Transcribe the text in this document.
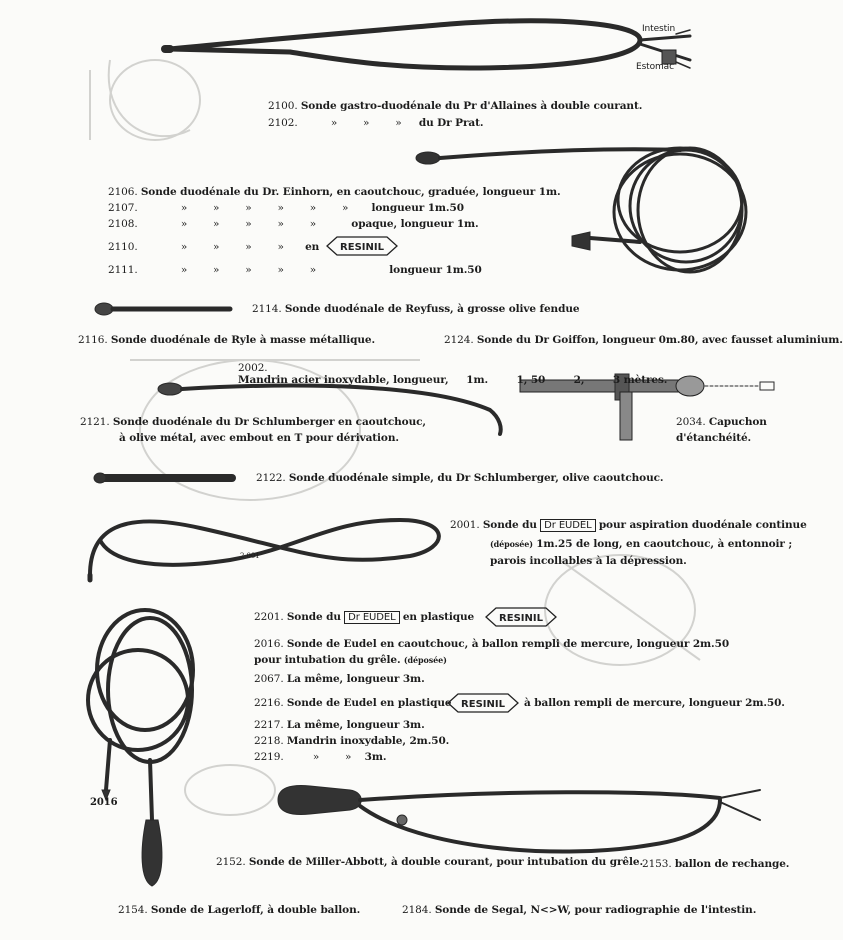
Intestin
Estomac
2100. Sonde gastro-duodénale du Pr d'Allaines à double courant.
2102.	»        »        » du Dr Prat.
2106. Sonde duodénale du Dr. Einhorn, en caoutchouc, graduée, longueur 1m.
2107.	»        »        »        »        »        » longueur 1m.50
2108.	»        »        »        »        »	opaque, longueur 1m.
2110.	»        »        »        » en RESINIL
2111.	»        »        »        »        »	longueur 1m.50
2114. Sonde duodénale de Reyfuss, à grosse olive fendue
2116. Sonde duodénale de Ryle à masse métallique.	2124. Sonde du Dr Goiffon, longueur 0m.80, avec fausset aluminium.

2002.
Mandrin acier inoxydable, longueur,     1m.        1, 50        2,        3 mètres.

2121. Sonde duodénale du Dr Schlumberger en caoutchouc,
à olive métal, avec embout en T pour dérivation.
2034. Capuchon
d'étanchéité.
2122. Sonde duodénale simple, du Dr Schlumberger, olive caoutchouc.
2001. Sonde du Dr EUDEL pour aspiration duodénale continue
(déposée) 1m.25 de long, en caoutchouc, à entonnoir ;
parois incollables à la dépression.
2 001
2201. Sonde du Dr EUDEL en plastique RESINIL
2016. Sonde de Eudel en caoutchouc, à ballon rempli de mercure, longueur 2m.50
pour intubation du grêle. (déposée)
2067. La même, longueur 3m.
2216. Sonde de Eudel en plastique RESINIL à ballon rempli de mercure, longueur 2m.50.
2217. La même, longueur 3m.
2218. Mandrin inoxydable, 2m.50.
2219.	»        » 3m.
2016
2152. Sonde de Miller-Abbott, à double courant, pour intubation du grêle.
2153. ballon de rechange.
2154. Sonde de Lagerloff, à double ballon.	2184. Sonde de Segal, N<>W, pour radiographie de l'intestin.
